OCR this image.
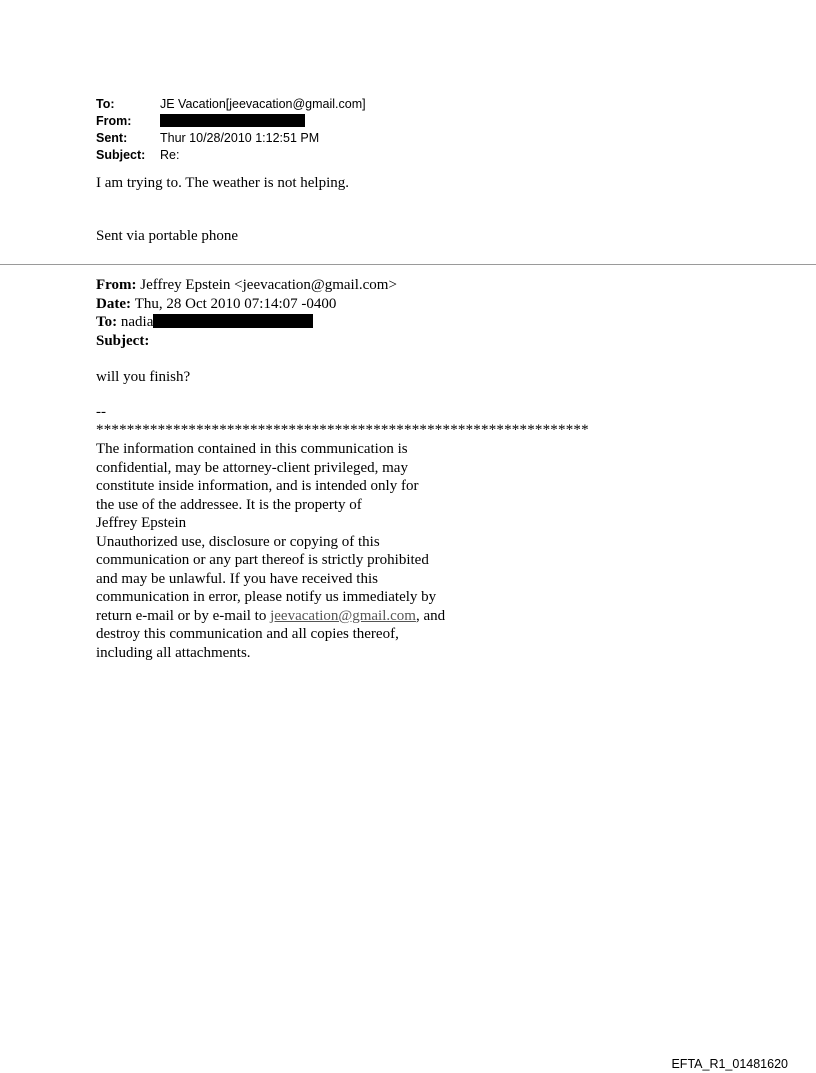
To:	JE Vacation[jeevacation@gmail.com]
From:
Sent:	Thur 10/28/2010 1:12:51 PM
Subject:	Re:
I am trying to. The weather is not helping.
Sent via portable phone
From: Jeffrey Epstein <jeevacation@gmail.com>
Date: Thu, 28 Oct 2010 07:14:07 -0400
To: nadia
Subject:
will you finish?
--
****************************************************************
The information contained in this communication is
confidential, may be attorney-client privileged, may
constitute inside information, and is intended only for
the use of the addressee. It is the property of
Jeffrey Epstein
Unauthorized use, disclosure or copying of this
communication or any part thereof is strictly prohibited
and may be unlawful. If you have received this
communication in error, please notify us immediately by
return e-mail or by e-mail to jeevacation@gmail.com, and
destroy this communication and all copies thereof,
including all attachments.
EFTA_R1_01481620
